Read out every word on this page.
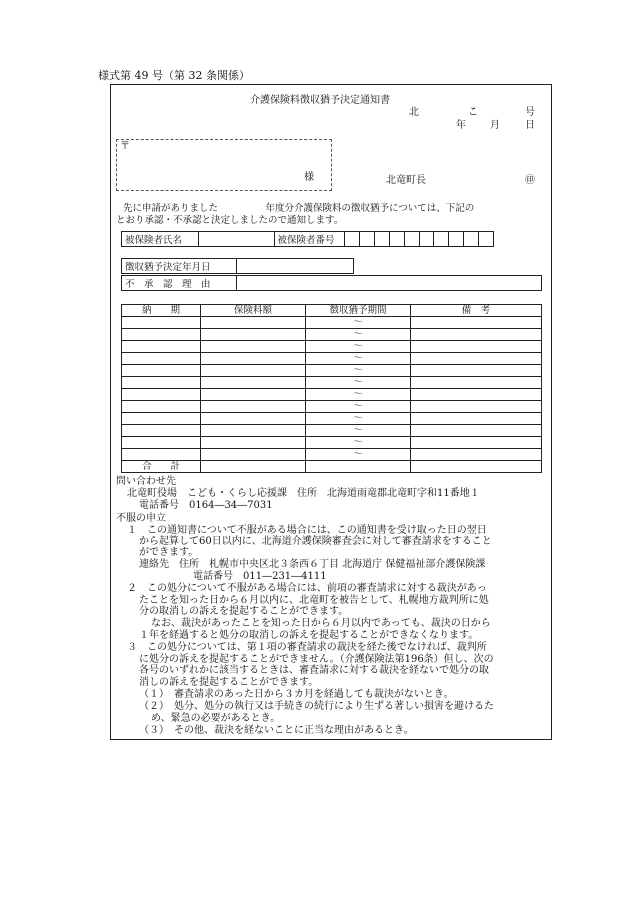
様式第 49 号（第 32 条関係）
介護保険料徴収猶予決定通知書
北	こ	号
年 月	日
〒
様	北竜町長	㊞
先に申請がありました　　　　　年度分介護保険料の徴収猶予については、下記の
とおり承認・不承認と決定しましたので通知します。
被保険者氏名		被保険者番号										
徴収猶予決定年月日	
不　承　認　理　由	
納　　期	保険料額	徴収猶予期間	備　考
		～	
		～	
		～	
		～	
		～	
		～	
		～	
		～	
		～	
		～	
		～	
		～	
合　　計			
問い合わせ先
北竜町役場　こども・くらし応援課　住所　北海道雨竜郡北竜町字和11番地１
電話番号　0164―34―7031
不服の申立
１　この通知書について不服がある場合には、この通知書を受け取った日の翌日
から起算して60日以内に、北海道介護保険審査会に対して審査請求をすること
ができます。
連絡先　住所　札幌市中央区北３条西６丁目 北海道庁 保健福祉部介護保険課
電話番号　011―231―4111
２　この処分について不服がある場合には、前項の審査請求に対する裁決があっ
たことを知った日から６月以内に、北竜町を被告として、札幌地方裁判所に処
分の取消しの訴えを提起することができます。
なお、裁決があったことを知った日から６月以内であっても、裁決の日から
１年を経過すると処分の取消しの訴えを提起することができなくなります。
３　この処分については、第１項の審査請求の裁決を経た後でなければ、裁判所
に処分の訴えを提起することができません。（介護保険法第196条）但し、次の
各号のいずれかに該当するときは、審査請求に対する裁決を経ないで処分の取
消しの訴えを提起することができます。
（１）　審査請求のあった日から３カ月を経過しても裁決がないとき。
（２）　処分、処分の執行又は手続きの続行により生ずる著しい損害を避けるた
め、緊急の必要があるとき。
（３）　その他、裁決を経ないことに正当な理由があるとき。
